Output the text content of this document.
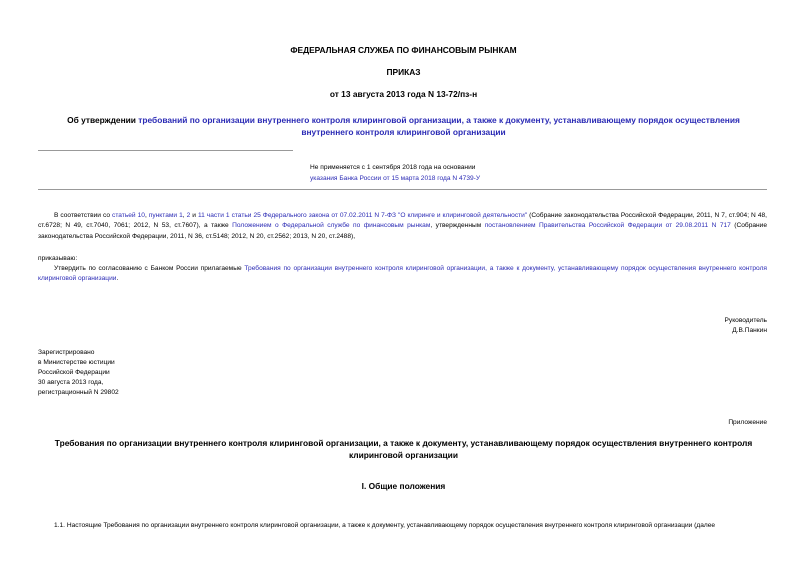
ФЕДЕРАЛЬНАЯ СЛУЖБА ПО ФИНАНСОВЫМ РЫНКАМ
ПРИКАЗ
от 13 августа 2013 года N 13-72/пз-н
Об утверждении требований по организации внутреннего контроля клиринговой организации, а также к документу, устанавливающему порядок осуществления внутреннего контроля клиринговой организации
Не применяется с 1 сентября 2018 года на основании
указания Банка России от 15 марта 2018 года N 4739-У
В соответствии со статьей 10, пунктами 1, 2 и 11 части 1 статьи 25 Федерального закона от 07.02.2011 N 7-ФЗ "О клиринге и клиринговой деятельности" (Собрание законодательства Российской Федерации, 2011, N 7, ст.904; N 48, ст.6728; N 49, ст.7040, 7061; 2012, N 53, ст.7607), а также Положением о Федеральной службе по финансовым рынкам, утвержденным постановлением Правительства Российской Федерации от 29.08.2011 N 717 (Собрание законодательства Российской Федерации, 2011, N 36, ст.5148; 2012, N 20, ст.2562; 2013, N 20, ст.2488),
приказываю:
Утвердить по согласованию с Банком России прилагаемые Требования по организации внутреннего контроля клиринговой организации, а также к документу, устанавливающему порядок осуществления внутреннего контроля клиринговой организации.
Руководитель
Д.В.Панкин
Зарегистрировано
в Министерстве юстиции
Российской Федерации
30 августа 2013 года,
регистрационный N 29802
Приложение
Требования по организации внутреннего контроля клиринговой организации, а также к документу, устанавливающему порядок осуществления внутреннего контроля клиринговой организации
I. Общие положения
1.1. Настоящие Требования по организации внутреннего контроля клиринговой организации, а также к документу, устанавливающему порядок осуществления внутреннего контроля клиринговой организации (далее
